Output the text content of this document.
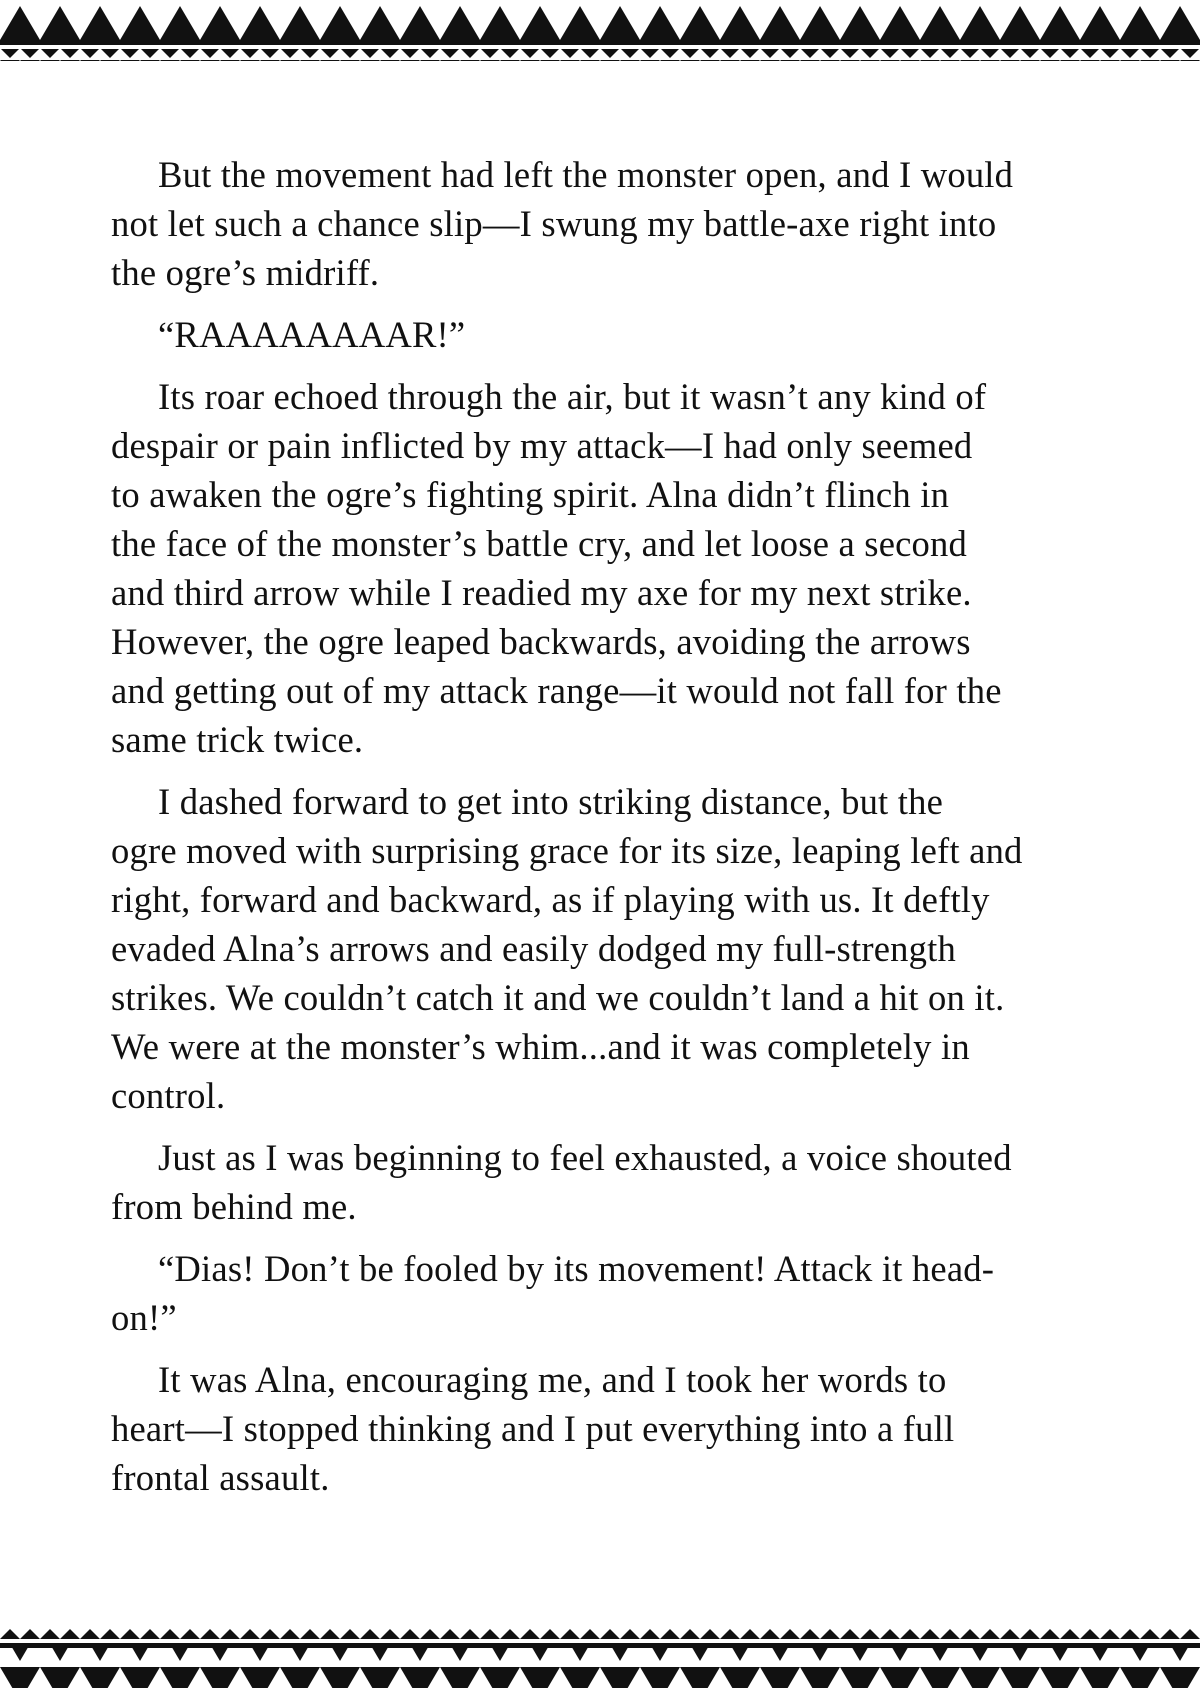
But the movement had left the monster open, and I would
not let such a chance slip—I swung my battle-axe right into
the ogre’s midriff.

“RAAAAAAAAR!”

Its roar echoed through the air, but it wasn’t any kind of
despair or pain inflicted by my attack—I had only seemed
to awaken the ogre’s fighting spirit. Alna didn’t flinch in
the face of the monster’s battle cry, and let loose a second
and third arrow while I readied my axe for my next strike.
However, the ogre leaped backwards, avoiding the arrows
and getting out of my attack range—it would not fall for the
same trick twice.

I dashed forward to get into striking distance, but the
ogre moved with surprising grace for its size, leaping left and
right, forward and backward, as if playing with us. It deftly
evaded Alna’s arrows and easily dodged my full-strength
strikes. We couldn’t catch it and we couldn’t land a hit on it.
We were at the monster’s whim...and it was completely in
control.

Just as I was beginning to feel exhausted, a voice shouted
from behind me.

“Dias! Don’t be fooled by its movement! Attack it head-
on!”

It was Alna, encouraging me, and I took her words to
heart—I stopped thinking and I put everything into a full
frontal assault.
